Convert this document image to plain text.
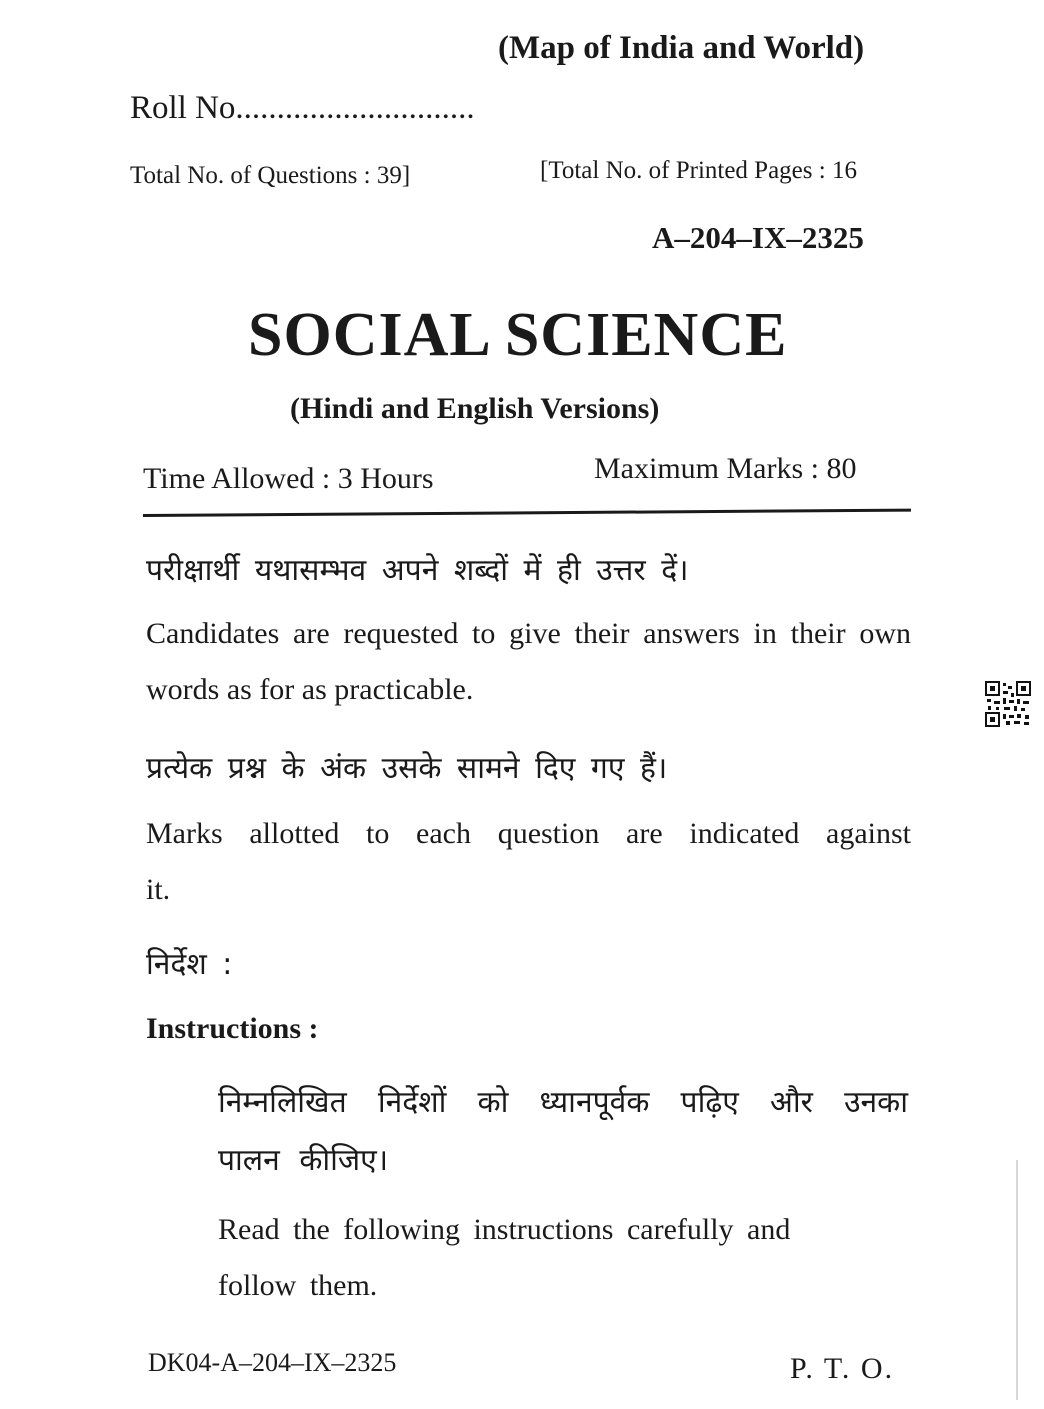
(Map of India and World)
Roll No.............................
Total No. of Questions : 39]	[Total No. of Printed Pages : 16
A–204–IX–2325
SOCIAL SCIENCE
(Hindi and English Versions)
Time Allowed : 3 Hours	Maximum Marks : 80
परीक्षार्थी यथासम्भव अपने शब्दों में ही उत्तर दें।
Candidates are requested to give their answers in their own words as for as practicable.
प्रत्येक प्रश्न के अंक उसके सामने दिए गए हैं।
Marks allotted to each question are indicated against it.
निर्देश :
Instructions :
निम्नलिखित निर्देशों को ध्यानपूर्वक पढ़िए और उनका पालन कीजिए।
Read the following instructions carefully and
follow them.
DK04-A–204–IX–2325	P. T. O.
